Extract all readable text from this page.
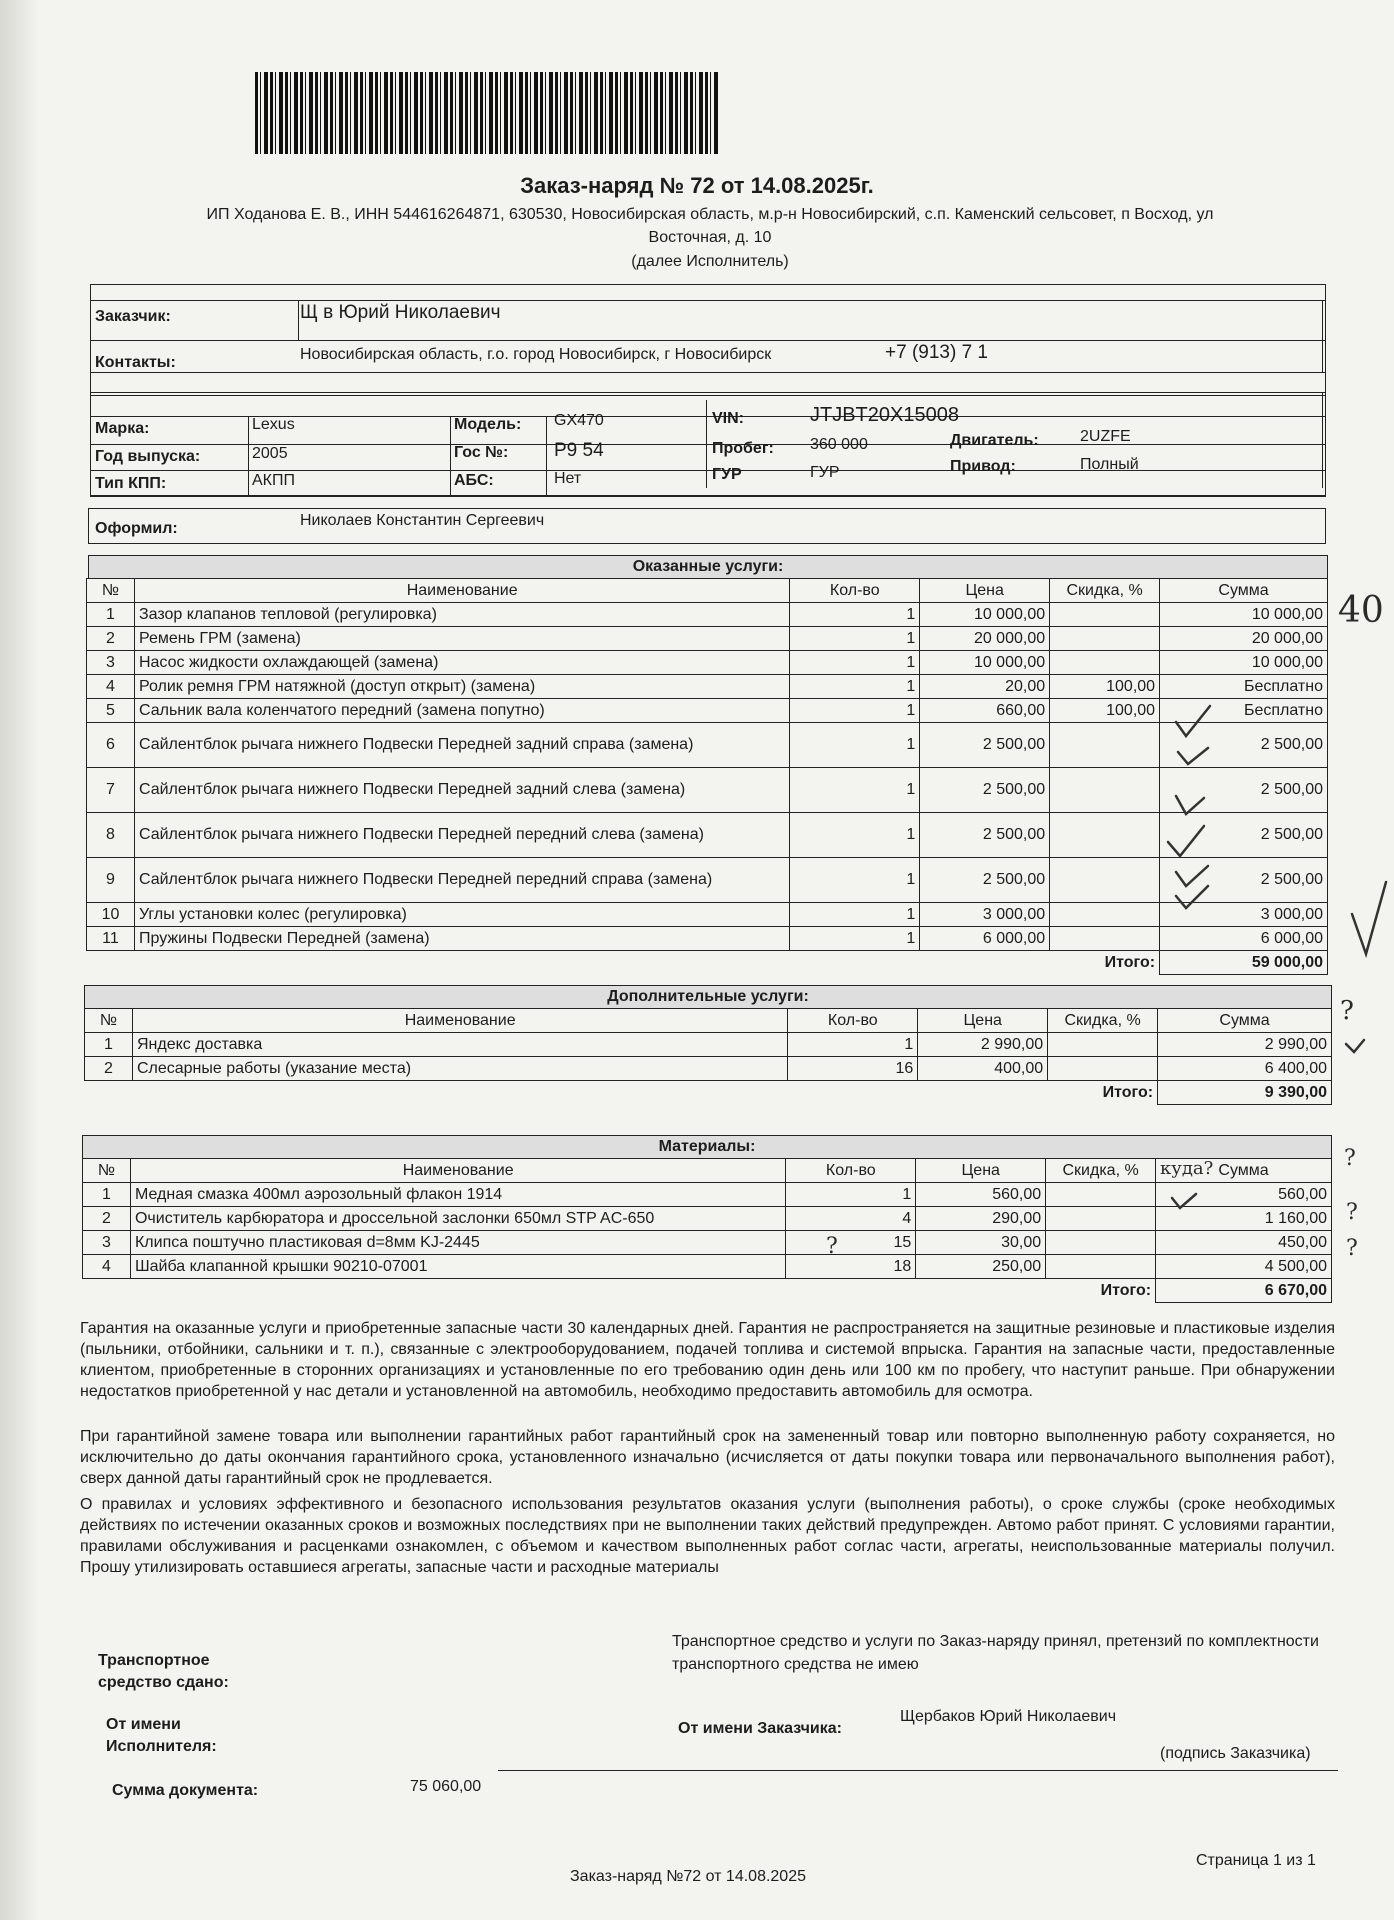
Заказ-наряд № 72 от 14.08.2025г.
ИП Ходанова Е. В., ИНН 544616264871, 630530, Новосибирская область, м.р-н Новосибирский, с.п. Каменский сельсовет, п Восход, ул
Восточная, д. 10
(далее Исполнитель)
Заказчик:	Щ в Юрий Николаевич
Контакты:	Новосибирская область, г.о. город Новосибирск, г Новосибирск	+7 (913) 7 1
Марка:	Lexus
Год выпуска:	2005
Тип КПП:	АКПП
Модель: GX470
Гос №: Р9 54
АБС:	Нет
VIN:	JTJBT20X15008
Пробег: 360 000
ГУР	ГУР
Двигатель:	2UZFE
Привод:	Полный
Оформил:	Николаев Константин Сергеевич
Оказанные услуги:
№	Наименование	Кол-во	Цена	Скидка, %	Сумма
1	Зазор клапанов тепловой (регулировка)	1	10 000,00		10 000,00
2	Ремень ГРМ (замена)	1	20 000,00		20 000,00
3	Насос жидкости охлаждающей (замена)	1	10 000,00		10 000,00
4	Ролик ремня ГРМ натяжной (доступ открыт) (замена)	1	20,00	100,00	Бесплатно
5	Сальник вала коленчатого передний (замена попутно)	1	660,00	100,00	Бесплатно
6	Сайлентблок рычага нижнего Подвески Передней задний справа (замена)	1	2 500,00		2 500,00
7	Сайлентблок рычага нижнего Подвески Передней задний слева (замена)	1	2 500,00		2 500,00
8	Сайлентблок рычага нижнего Подвески Передней передний слева (замена)	1	2 500,00		2 500,00
9	Сайлентблок рычага нижнего Подвески Передней передний справа (замена)	1	2 500,00		2 500,00
10	Углы установки колес (регулировка)	1	3 000,00		3 000,00
11	Пружины Подвески Передней (замена)	1	6 000,00		6 000,00
				Итого:	59 000,00
Дополнительные услуги:
№	Наименование	Кол-во	Цена	Скидка, %	Сумма
1	Яндекс доставка	1	2 990,00		2 990,00
2	Слесарные работы (указание места)	16	400,00		6 400,00
				Итого:	9 390,00
Материалы:
№	Наименование	Кол-во	Цена	Скидка, %	Сумма
1	Медная смазка 400мл аэрозольный флакон 1914	1	560,00		560,00
2	Очиститель карбюратора и дроссельной заслонки 650мл STP AC-650	4	290,00		1 160,00
3	Клипса поштучно пластиковая d=8мм KJ-2445	15	30,00		450,00
4	Шайба клапанной крышки 90210-07001	18	250,00		4 500,00
				Итого:	6 670,00
Гарантия на оказанные услуги и приобретенные запасные части 30 календарных дней. Гарантия не распространяется на защитные резиновые и пластиковые изделия (пыльники, отбойники, сальники и т. п.), связанные с электрооборудованием, подачей топлива и системой впрыска. Гарантия на запасные части, предоставленные клиентом, приобретенные в сторонних организациях и установленные по его требованию один день или 100 км по пробегу, что наступит раньше. При обнаружении недостатков приобретенной у нас детали и установленной на автомобиль, необходимо предоставить автомобиль для осмотра.
При гарантийной замене товара или выполнении гарантийных работ гарантийный срок на замененный товар или повторно выполненную работу сохраняется, но исключительно до даты окончания гарантийного срока, установленного изначально (исчисляется от даты покупки товара или первоначального выполнения работ), сверх данной даты гарантийный срок не продлевается.
О правилах и условиях эффективного и безопасного использования результатов оказания услуги (выполнения работы), о сроке службы (сроке необходимых действиях по истечении оказанных сроков и возможных последствиях при не выполнении таких действий предупрежден. Автомо работ принят. С условиями гарантии, правилами обслуживания и расценками ознакомлен, с объемом и качеством выполненных работ соглас части, агрегаты, неиспользованные материалы получил. Прошу утилизировать оставшиеся агрегаты, запасные части и расходные материалы
Транспортное средство сдано:
Транспортное средство и услуги по Заказ-наряду принял, претензий по комплектности транспортного средства не имею
От имени Исполнителя:
От имени Заказчика:
Щербаков Юрий Николаевич
(подпись Заказчика)
Сумма документа:	75 060,00
Заказ-наряд №72 от 14.08.2025
Страница 1 из 1
40
?
?
?
?
?
куда?
